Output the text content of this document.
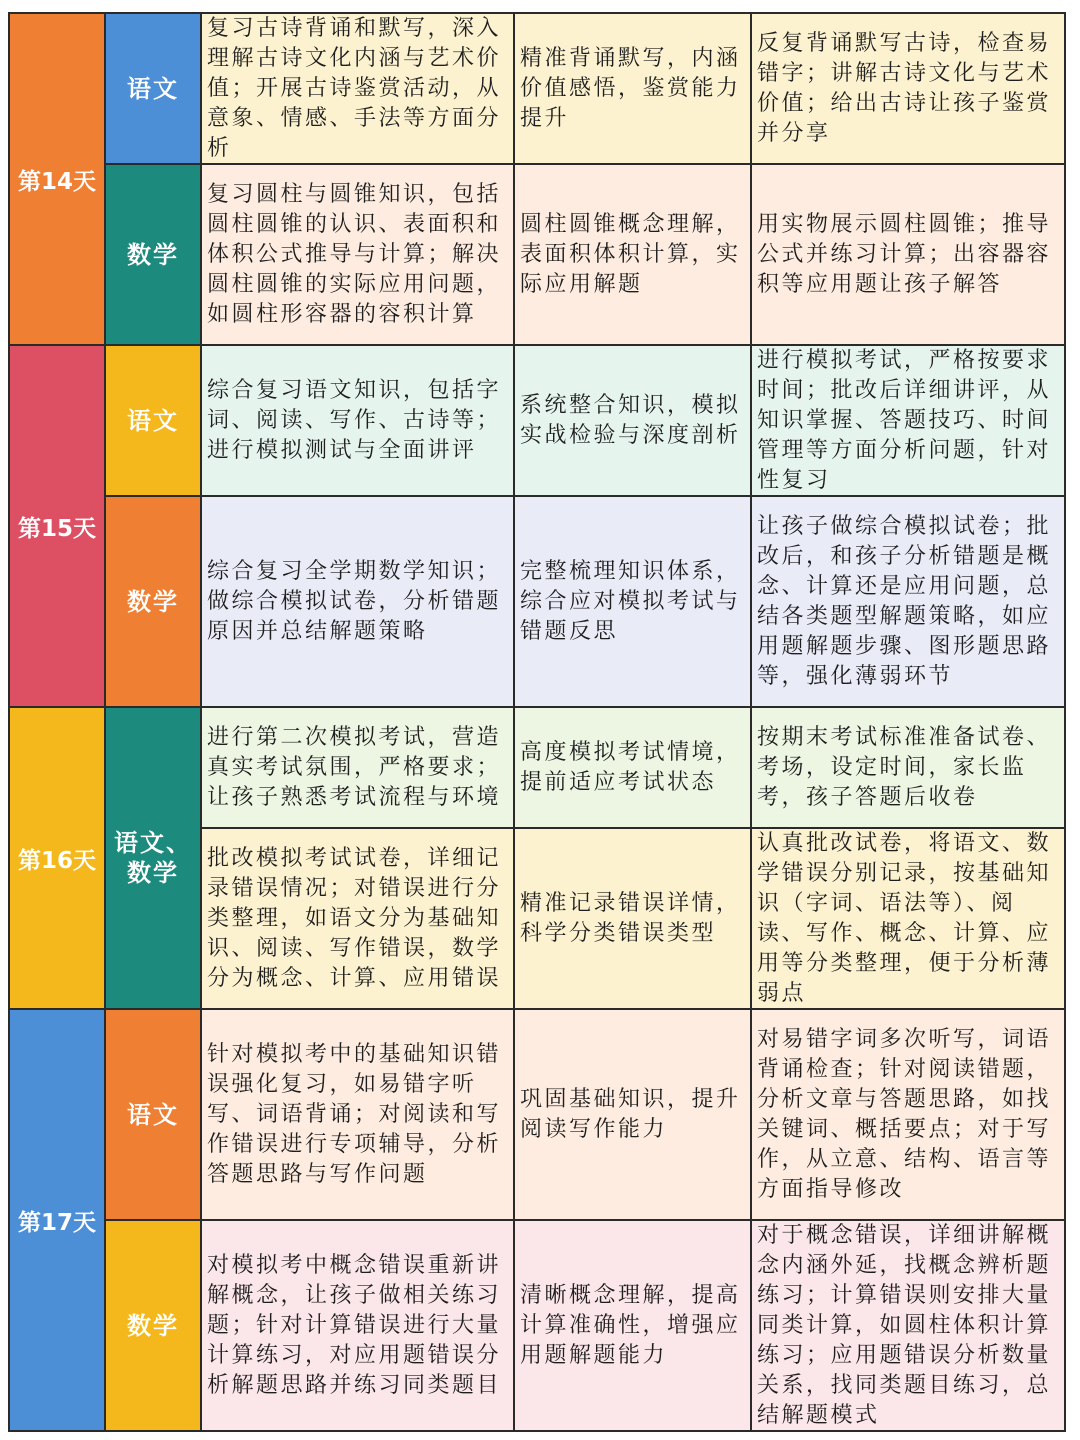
第14天
第15天
第16天
第17天
语文
数学
语文
数学
语文、
数学
语文
数学
复习古诗背诵和默写，深入理解古诗文化内涵与艺术价值；开展古诗鉴赏活动，从意象、情感、手法等方面分析
精准背诵默写，内涵价值感悟，鉴赏能力提升
反复背诵默写古诗，检查易错字；讲解古诗文化与艺术价值；给出古诗让孩子鉴赏并分享
复习圆柱与圆锥知识，包括圆柱圆锥的认识、表面积和体积公式推导与计算；解决圆柱圆锥的实际应用问题，如圆柱形容器的容积计算
圆柱圆锥概念理解，表面积体积计算，实际应用解题
用实物展示圆柱圆锥；推导公式并练习计算；出容器容积等应用题让孩子解答
综合复习语文知识，包括字词、阅读、写作、古诗等；进行模拟测试与全面讲评
系统整合知识，模拟实战检验与深度剖析
进行模拟考试，严格按要求时间；批改后详细讲评，从知识掌握、答题技巧、时间管理等方面分析问题，针对性复习
综合复习全学期数学知识；做综合模拟试卷，分析错题原因并总结解题策略
完整梳理知识体系，综合应对模拟考试与错题反思
让孩子做综合模拟试卷；批改后，和孩子分析错题是概念、计算还是应用问题，总结各类题型解题策略，如应用题解题步骤、图形题思路等，强化薄弱环节
进行第二次模拟考试，营造真实考试氛围，严格要求；让孩子熟悉考试流程与环境
高度模拟考试情境，提前适应考试状态
按期末考试标准准备试卷、考场，设定时间，家长监考，孩子答题后收卷
批改模拟考试试卷，详细记录错误情况；对错误进行分类整理，如语文分为基础知识、阅读、写作错误，数学分为概念、计算、应用错误
精准记录错误详情，科学分类错误类型
认真批改试卷，将语文、数学错误分别记录，按基础知识（字词、语法等）、阅读、写作、概念、计算、应用等分类整理，便于分析薄弱点
针对模拟考中的基础知识错误强化复习，如易错字听写、词语背诵；对阅读和写作错误进行专项辅导，分析答题思路与写作问题
巩固基础知识，提升阅读写作能力
对易错字词多次听写，词语背诵检查；针对阅读错题，分析文章与答题思路，如找关键词、概括要点；对于写作，从立意、结构、语言等方面指导修改
对模拟考中概念错误重新讲解概念，让孩子做相关练习题；针对计算错误进行大量计算练习，对应用题错误分析解题思路并练习同类题目
清晰概念理解，提高计算准确性，增强应用题解题能力
对于概念错误，详细讲解概念内涵外延，找概念辨析题练习；计算错误则安排大量同类计算，如圆柱体积计算练习；应用题错误分析数量关系，找同类题目练习，总结解题模式
